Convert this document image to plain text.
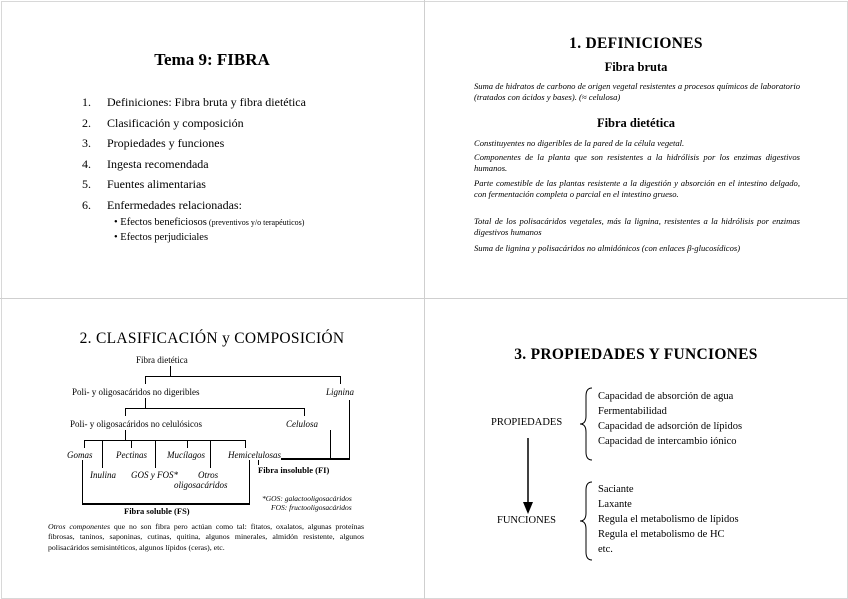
Tema 9: FIBRA
1.	Definiciones: Fibra bruta y fibra dietética
2.	Clasificación y composición
3.	Propiedades y funciones
4.	Ingesta recomendada
5.	Fuentes alimentarias
6.	Enfermedades relacionadas:
• Efectos beneficiosos (preventivos y/o terapéuticos)
• Efectos perjudiciales
1. DEFINICIONES
Fibra bruta
Suma de hidratos de carbono de origen vegetal resistentes a procesos químicos de laboratorio (tratados con ácidos y bases). (≈ celulosa)
Fibra dietética
Constituyentes no digeribles de la pared de la célula vegetal.
Componentes de la planta que son resistentes a la hidrólisis por los enzimas digestivos humanos.
Parte comestible de las plantas resistente a la digestión y absorción en el intestino delgado, con fermentación completa o parcial en el intestino grueso.
Total de los polisacáridos vegetales, más la lignina, resistentes a la hidrólisis por enzimas digestivos humanos
Suma de lignina y polisacáridos no almidónicos (con enlaces β-glucosídicos)
2. CLASIFICACIÓN y COMPOSICIÓN
Fibra dietética
Poli- y oligosacáridos no digeribles	Lignina
Poli- y oligosacáridos no celulósicos	Celulosa
Gomas	Pectinas Mucílagos	Hemicelulosas
Inulina GOS y FOS* Otros
oligosacáridos
Fibra insoluble (FI)
Fibra soluble (FS)
*GOS: galactooligosacáridos
FOS: fructooligosacáridos
Otros componentes que no son fibra pero actúan como tal: fitatos, oxalatos, algunas proteínas fibrosas, taninos, saponinas, cutinas, quitina, algunos minerales, almidón resistente, algunos polisacáridos semisintéticos, algunos lípidos (ceras), etc.
3. PROPIEDADES Y FUNCIONES
PROPIEDADES
Capacidad de absorción de agua
Fermentabilidad
Capacidad de adsorción de lípidos
Capacidad de intercambio iónico
FUNCIONES
Saciante
Laxante
Regula el metabolismo de lípidos
Regula el metabolismo de HC
etc.
